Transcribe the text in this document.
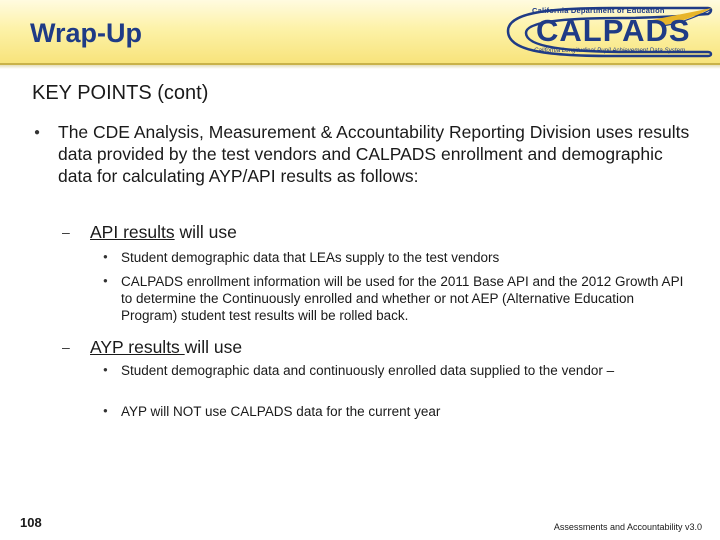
Wrap-Up
California Department of Education
CALPADS
California Longitudinal Pupil Achievement Data System
KEY POINTS (cont)
● The CDE Analysis, Measurement & Accountability Reporting Division uses results data provided by the test vendors and CALPADS enrollment and demographic data for calculating AYP/API results as follows:
– API results will use
● Student demographic data that LEAs supply to the test vendors
● CALPADS enrollment information will be used for the 2011 Base API and the 2012 Growth API to determine the Continuously enrolled and whether or not AEP (Alternative Education Program) student test results will be rolled back.
– AYP results will use
● Student demographic data and continuously enrolled data supplied to the vendor –
● AYP will NOT use CALPADS data for the current year
108	Assessments and Accountability v3.0
